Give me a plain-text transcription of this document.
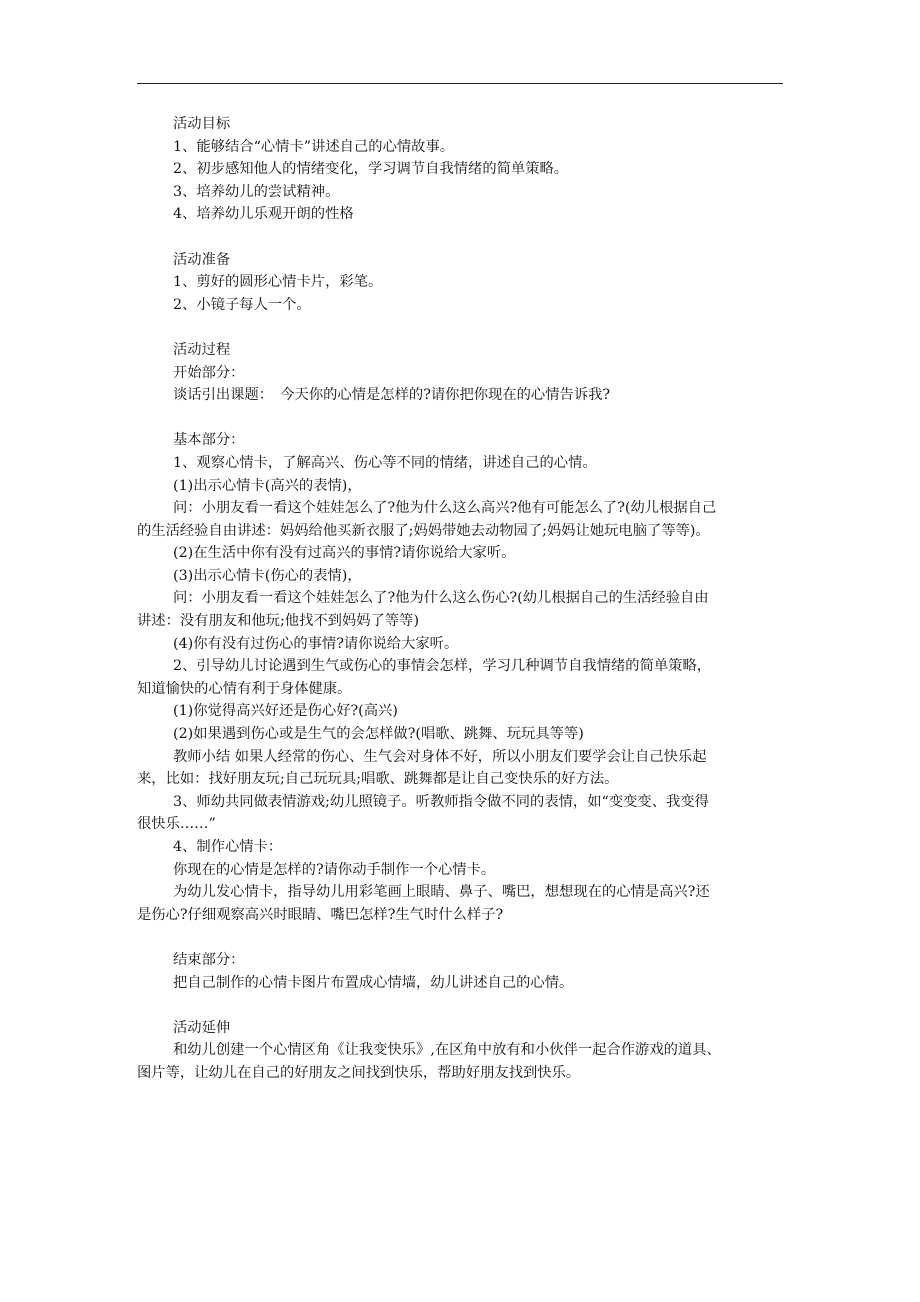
活动目标
1、能够结合“心情卡”讲述自己的心情故事。
2、初步感知他人的情绪变化，学习调节自我情绪的简单策略。
3、培养幼儿的尝试精神。
4、培养幼儿乐观开朗的性格
活动准备
1、剪好的圆形心情卡片，彩笔。
2、小镜子每人一个。
活动过程
开始部分：
谈话引出课题：　今天你的心情是怎样的?请你把你现在的心情告诉我?
基本部分：
1、观察心情卡，了解高兴、伤心等不同的情绪，讲述自己的心情。
(1)出示心情卡(高兴的表情)，
问：小朋友看一看这个娃娃怎么了?他为什么这么高兴?他有可能怎么了?(幼儿根据自己
的生活经验自由讲述：妈妈给他买新衣服了;妈妈带她去动物园了;妈妈让她玩电脑了等等)。
(2)在生活中你有没有过高兴的事情?请你说给大家听。
(3)出示心情卡(伤心的表情)，
问：小朋友看一看这个娃娃怎么了?他为什么这么伤心?(幼儿根据自己的生活经验自由
讲述：没有朋友和他玩;他找不到妈妈了等等)
(4)你有没有过伤心的事情?请你说给大家听。
2、引导幼儿讨论遇到生气或伤心的事情会怎样，学习几种调节自我情绪的简单策略，
知道愉快的心情有利于身体健康。
(1)你觉得高兴好还是伤心好?(高兴)
(2)如果遇到伤心或是生气的会怎样做?(唱歌、跳舞、玩玩具等等)
教师小结 如果人经常的伤心、生气会对身体不好，所以小朋友们要学会让自己快乐起
来，比如：找好朋友玩;自己玩玩具;唱歌、跳舞都是让自己变快乐的好方法。
3、师幼共同做表情游戏;幼儿照镜子。听教师指令做不同的表情，如“变变变、我变得
很快乐……”
4、制作心情卡：
你现在的心情是怎样的?请你动手制作一个心情卡。
为幼儿发心情卡，指导幼儿用彩笔画上眼睛、鼻子、嘴巴，想想现在的心情是高兴?还
是伤心?仔细观察高兴时眼睛、嘴巴怎样?生气时什么样子?
结束部分：
把自己制作的心情卡图片布置成心情墙，幼儿讲述自己的心情。
活动延伸
和幼儿创建一个心情区角《让我变快乐》,在区角中放有和小伙伴一起合作游戏的道具、
图片等，让幼儿在自己的好朋友之间找到快乐，帮助好朋友找到快乐。
